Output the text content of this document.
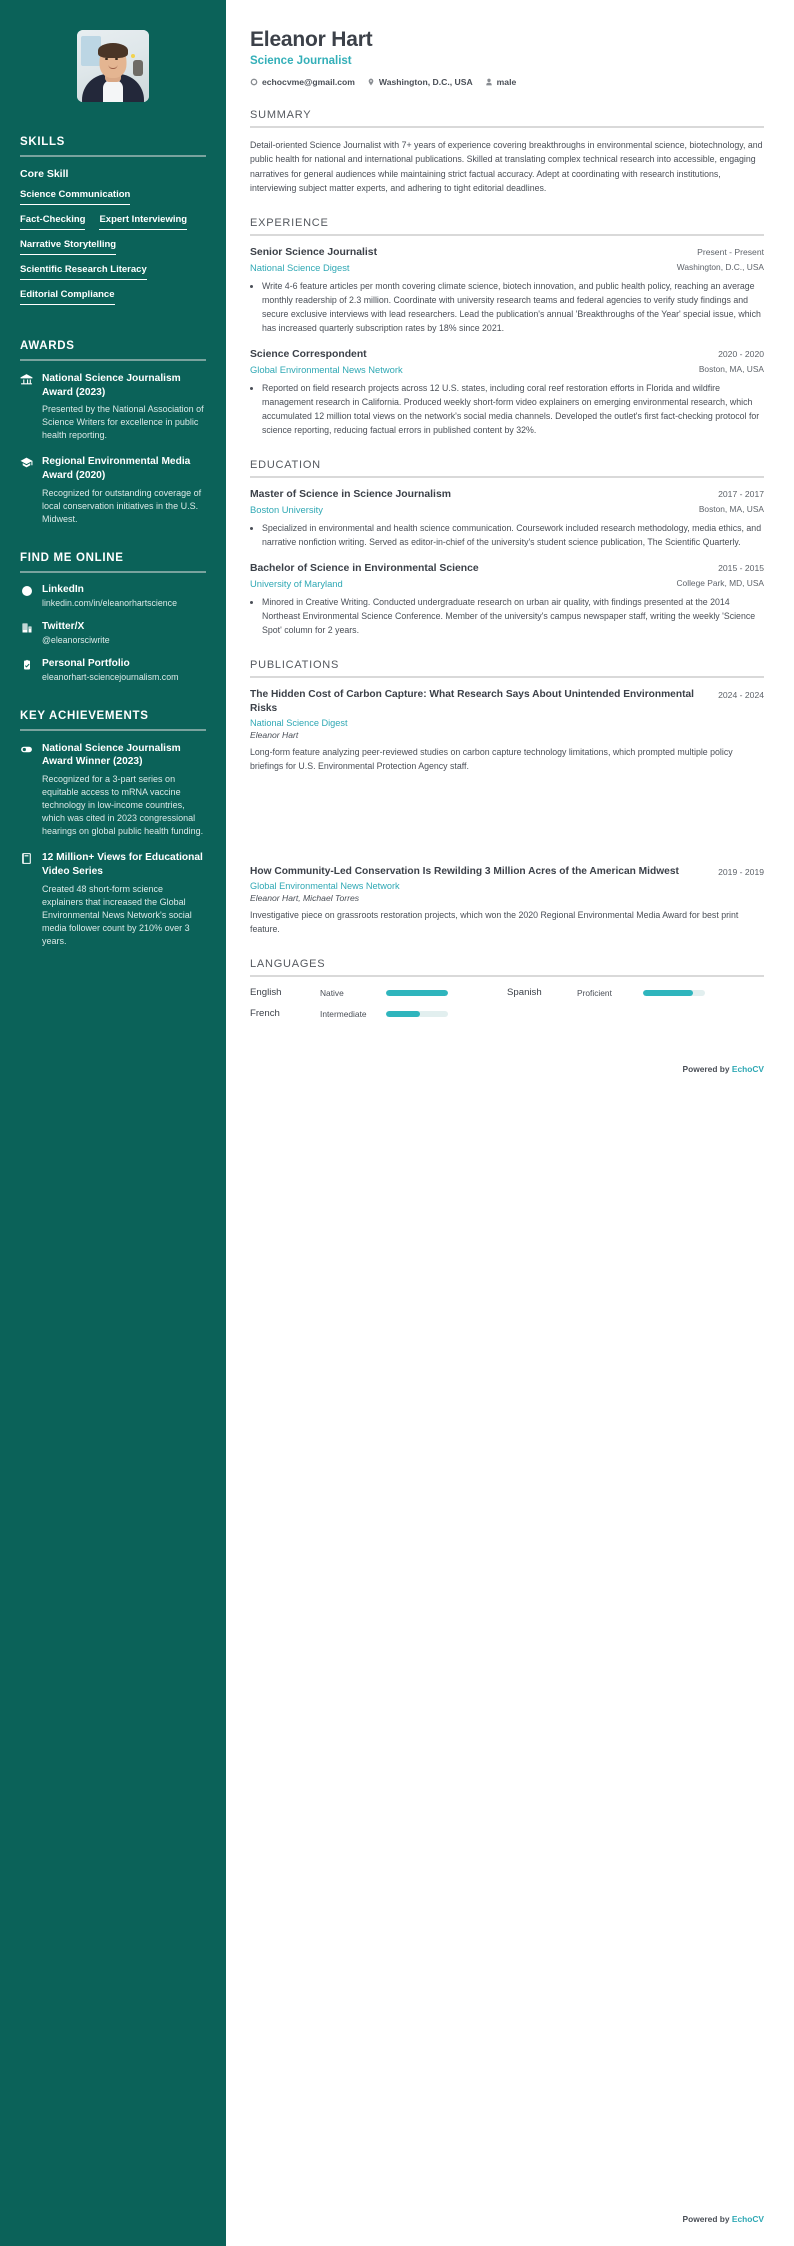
SKILLS
Core Skill
Science Communication
Fact-Checking Expert Interviewing
Narrative Storytelling
Scientific Research Literacy
Editorial Compliance
AWARDS
National Science Journalism Award (2023)
Presented by the National Association of Science Writers for excellence in public health reporting.
Regional Environmental Media Award (2020)
Recognized for outstanding coverage of local conservation initiatives in the U.S. Midwest.
FIND ME ONLINE
LinkedIn
linkedin.com/in/eleanorhartscience
Twitter/X
@eleanorsciwrite
Personal Portfolio
eleanorhart-sciencejournalism.com
KEY ACHIEVEMENTS
National Science Journalism Award Winner (2023)
Recognized for a 3-part series on equitable access to mRNA vaccine technology in low-income countries, which was cited in 2023 congressional hearings on global public health funding.
12 Million+ Views for Educational Video Series
Created 48 short-form science explainers that increased the Global Environmental News Network's social media follower count by 210% over 3 years.
Eleanor Hart
Science Journalist
echocvme@gmail.com	Washington, D.C., USA	male
SUMMARY

Detail-oriented Science Journalist with 7+ years of experience covering breakthroughs in environmental science, biotechnology, and public health for national and international publications. Skilled at translating complex technical research into accessible, engaging narratives for general audiences while maintaining strict factual accuracy. Adept at coordinating with research institutions, interviewing subject matter experts, and adhering to tight editorial deadlines.

EXPERIENCE
Senior Science Journalist	Present - Present
National Science Digest	Washington, D.C., USA
• Write 4-6 feature articles per month covering climate science, biotech innovation, and public health policy, reaching an average monthly readership of 2.3 million. Coordinate with university research teams and federal agencies to verify study findings and secure exclusive interviews with lead researchers. Lead the publication's annual 'Breakthroughs of the Year' special issue, which has increased quarterly subscription rates by 18% since 2021.
Science Correspondent	2020 - 2020
Global Environmental News Network	Boston, MA, USA
• Reported on field research projects across 12 U.S. states, including coral reef restoration efforts in Florida and wildfire management research in California. Produced weekly short-form video explainers on emerging environmental research, which accumulated 12 million total views on the network's social media channels. Developed the outlet's first fact-checking protocol for science reporting, reducing factual errors in published content by 32%.
EDUCATION
Master of Science in Science Journalism	2017 - 2017
Boston University	Boston, MA, USA
• Specialized in environmental and health science communication. Coursework included research methodology, media ethics, and narrative nonfiction writing. Served as editor-in-chief of the university's student science publication, The Scientific Quarterly.
Bachelor of Science in Environmental Science	2015 - 2015
University of Maryland	College Park, MD, USA
• Minored in Creative Writing. Conducted undergraduate research on urban air quality, with findings presented at the 2014 Northeast Environmental Science Conference. Member of the university's campus newspaper staff, writing the weekly 'Science Spot' column for 2 years.
PUBLICATIONS
The Hidden Cost of Carbon Capture: What Research Says About Unintended Environmental Risks
2024 - 2024
National Science Digest
Eleanor Hart
Long-form feature analyzing peer-reviewed studies on carbon capture technology limitations, which prompted multiple policy briefings for U.S. Environmental Protection Agency staff.
How Community-Led Conservation Is Rewilding 3 Million Acres of the American Midwest	2019 - 2019
Global Environmental News Network
Eleanor Hart, Michael Torres
Investigative piece on grassroots restoration projects, which won the 2020 Regional Environmental Media Award for best print feature.
LANGUAGES
English	Native	Spanish	Proficient
French	Intermediate
Powered by EchoCV
Powered by EchoCV
